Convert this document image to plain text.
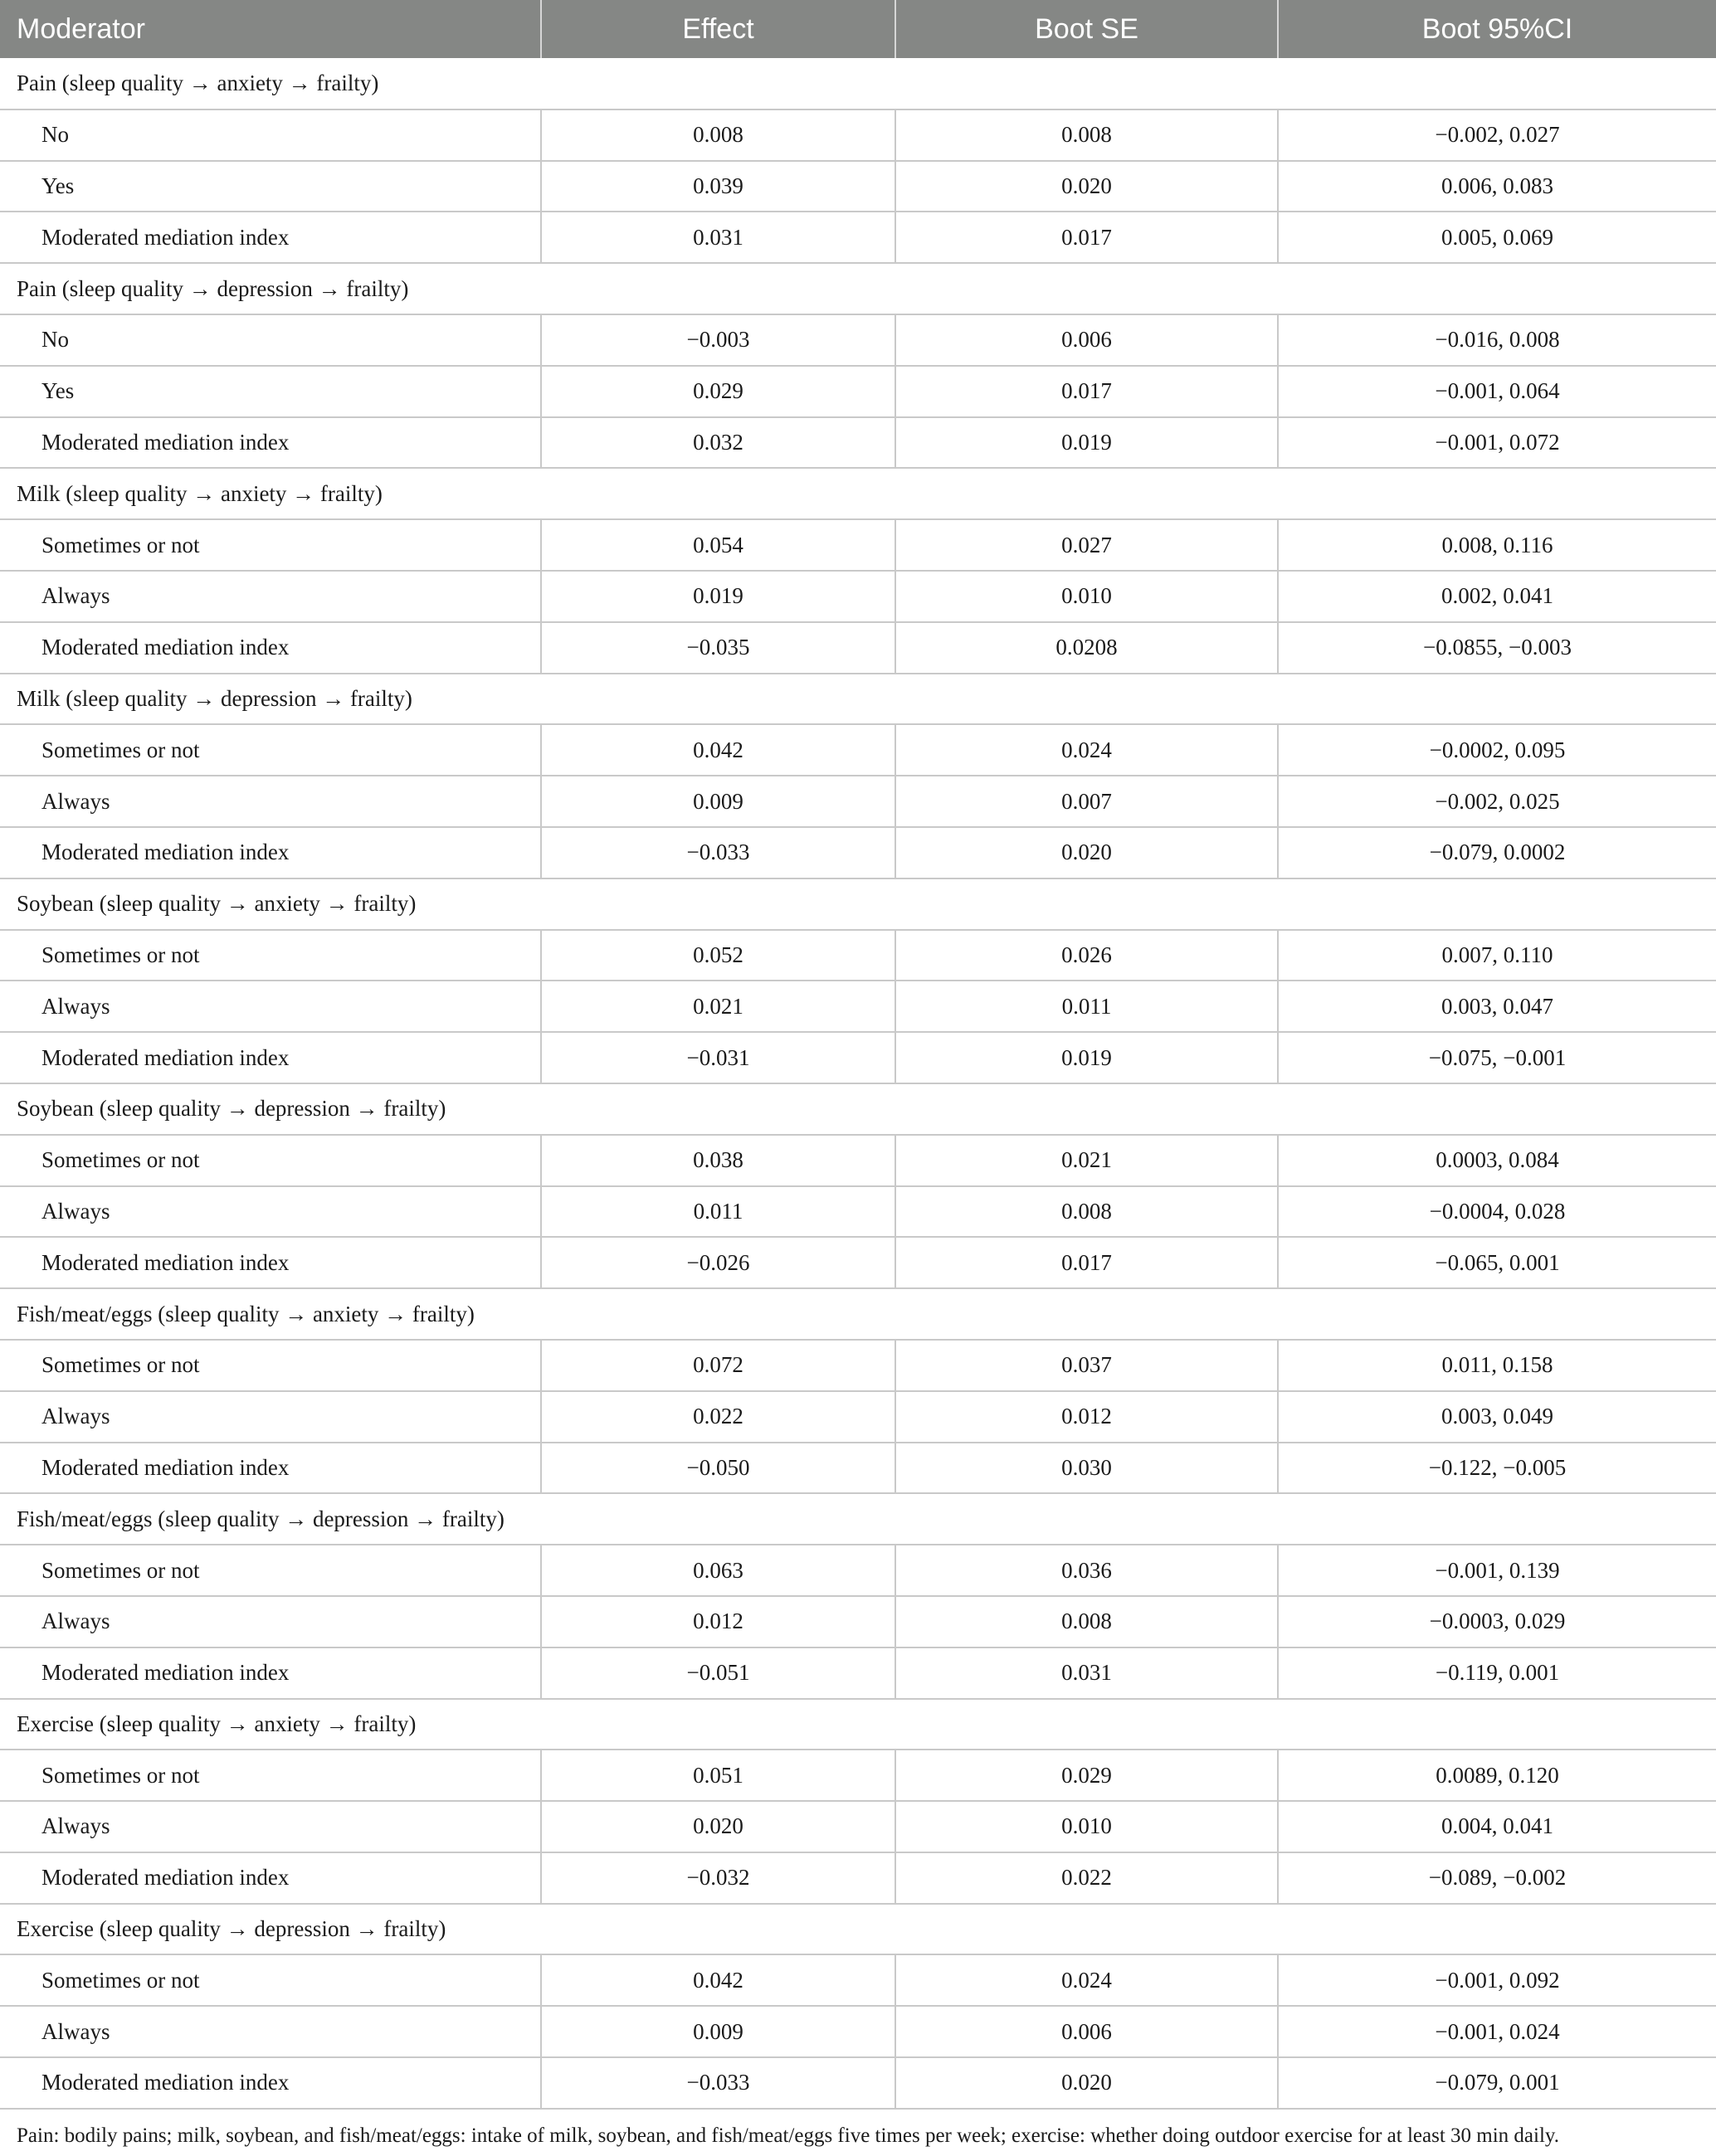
Moderator	Effect	Boot SE	Boot 95%CI
Pain (sleep quality → anxiety → frailty)			
No	0.008	0.008	−0.002, 0.027
Yes	0.039	0.020	0.006, 0.083
Moderated mediation index	0.031	0.017	0.005, 0.069
Pain (sleep quality → depression → frailty)			
No	−0.003	0.006	−0.016, 0.008
Yes	0.029	0.017	−0.001, 0.064
Moderated mediation index	0.032	0.019	−0.001, 0.072
Milk (sleep quality → anxiety → frailty)			
Sometimes or not	0.054	0.027	0.008, 0.116
Always	0.019	0.010	0.002, 0.041
Moderated mediation index	−0.035	0.0208	−0.0855, −0.003
Milk (sleep quality → depression → frailty)			
Sometimes or not	0.042	0.024	−0.0002, 0.095
Always	0.009	0.007	−0.002, 0.025
Moderated mediation index	−0.033	0.020	−0.079, 0.0002
Soybean (sleep quality → anxiety → frailty)			
Sometimes or not	0.052	0.026	0.007, 0.110
Always	0.021	0.011	0.003, 0.047
Moderated mediation index	−0.031	0.019	−0.075, −0.001
Soybean (sleep quality → depression → frailty)			
Sometimes or not	0.038	0.021	0.0003, 0.084
Always	0.011	0.008	−0.0004, 0.028
Moderated mediation index	−0.026	0.017	−0.065, 0.001
Fish/meat/eggs (sleep quality → anxiety → frailty)			
Sometimes or not	0.072	0.037	0.011, 0.158
Always	0.022	0.012	0.003, 0.049
Moderated mediation index	−0.050	0.030	−0.122, −0.005
Fish/meat/eggs (sleep quality → depression → frailty)			
Sometimes or not	0.063	0.036	−0.001, 0.139
Always	0.012	0.008	−0.0003, 0.029
Moderated mediation index	−0.051	0.031	−0.119, 0.001
Exercise (sleep quality → anxiety → frailty)			
Sometimes or not	0.051	0.029	0.0089, 0.120
Always	0.020	0.010	0.004, 0.041
Moderated mediation index	−0.032	0.022	−0.089, −0.002
Exercise (sleep quality → depression → frailty)			
Sometimes or not	0.042	0.024	−0.001, 0.092
Always	0.009	0.006	−0.001, 0.024
Moderated mediation index	−0.033	0.020	−0.079, 0.001
Pain: bodily pains; milk, soybean, and fish/meat/eggs: intake of milk, soybean, and fish/meat/eggs five times per week; exercise: whether doing outdoor exercise for at least 30 min daily.
